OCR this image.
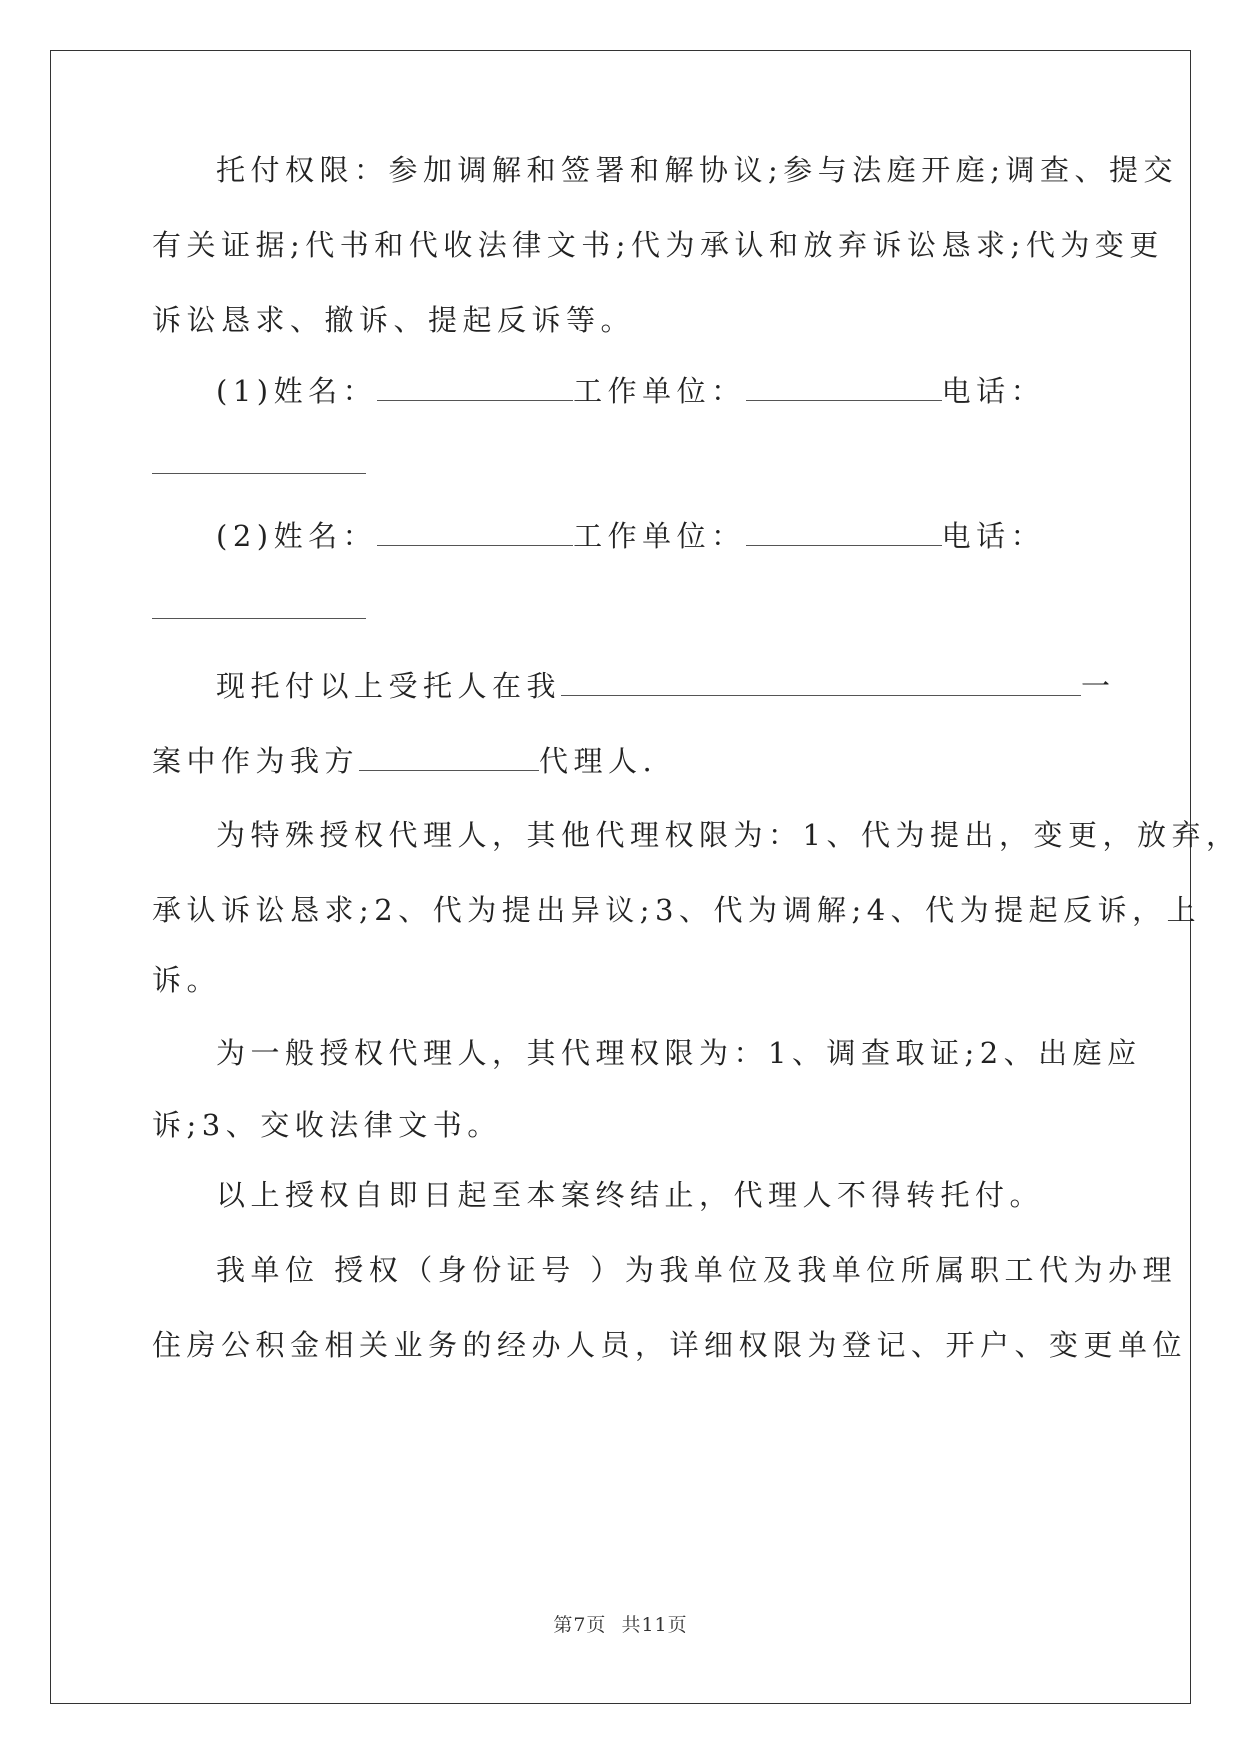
托付权限：参加调解和签署和解协议;参与法庭开庭;调查、提交
有关证据;代书和代收法律文书;代为承认和放弃诉讼恳求;代为变更
诉讼恳求、撤诉、提起反诉等。
(1)姓名：	工作单位：	电话：
(2)姓名：	工作单位：	电话：
现托付以上受托人在我	一
案中作为我方	代理人.
为特殊授权代理人，其他代理权限为：1、代为提出，变更，放弃，
承认诉讼恳求;2、代为提出异议;3、代为调解;4、代为提起反诉，上
诉。
为一般授权代理人，其代理权限为：1、调查取证;2、出庭应
诉;3、交收法律文书。
以上授权自即日起至本案终结止，代理人不得转托付。
我单位 授权（身份证号 ）为我单位及我单位所属职工代为办理
住房公积金相关业务的经办人员，详细权限为登记、开户、变更单位
第7页 共11页
